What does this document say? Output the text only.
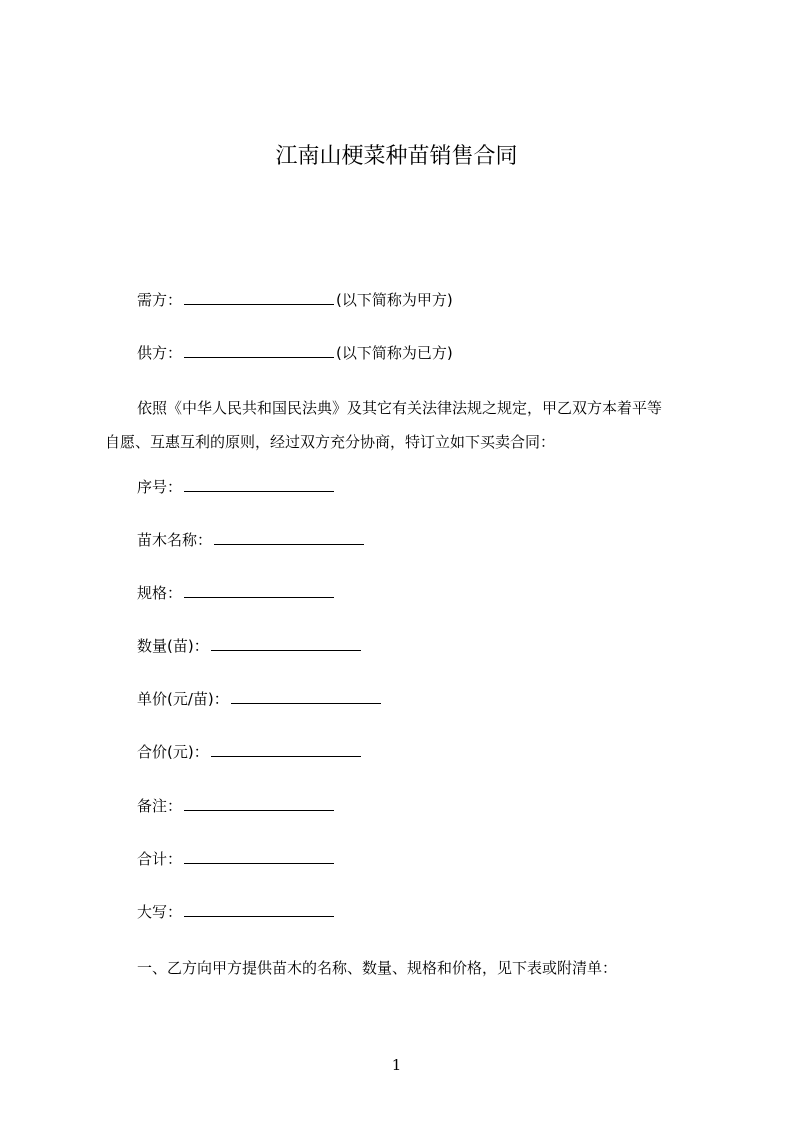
江南山梗菜种苗销售合同
需方：	(以下简称为甲方)
供方：	(以下简称为已方)
依照《中华人民共和国民法典》及其它有关法律法规之规定，甲乙双方本着平等
自愿、互惠互利的原则，经过双方充分协商，特订立如下买卖合同：
序号：
苗木名称：
规格：
数量(苗)：
单价(元/苗)：
合价(元)：
备注：
合计：
大写：
一、乙方向甲方提供苗木的名称、数量、规格和价格，见下表或附清单：
1
